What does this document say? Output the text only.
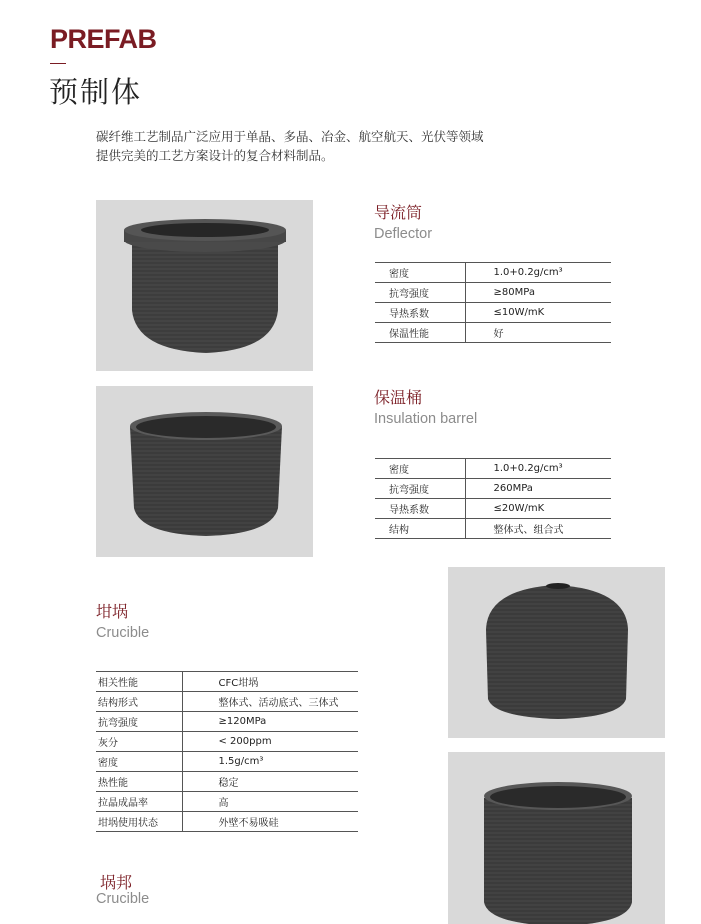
PREFAB
预制体
碳纤维工艺制品广泛应用于单晶、多晶、冶金、航空航天、光伏等领域
提供完美的工艺方案设计的复合材料制品。
导流筒
Deflector
密度	1.0+0.2g/cm³
抗弯强度	≥80MPa
导热系数	≤10W/mK
保温性能	好
保温桶
Insulation barrel
密度	1.0+0.2g/cm³
抗弯强度	260MPa
导热系数	≤20W/mK
结构	整体式、组合式
坩埚
Crucible
相关性能	CFC坩埚
结构形式	整体式、活动底式、三体式
抗弯强度	≥120MPa
灰分	< 200ppm
密度	1.5g/cm³
热性能	稳定
拉晶成晶率	高
坩埚使用状态	外壁不易吸硅
埚邦
Crucible
